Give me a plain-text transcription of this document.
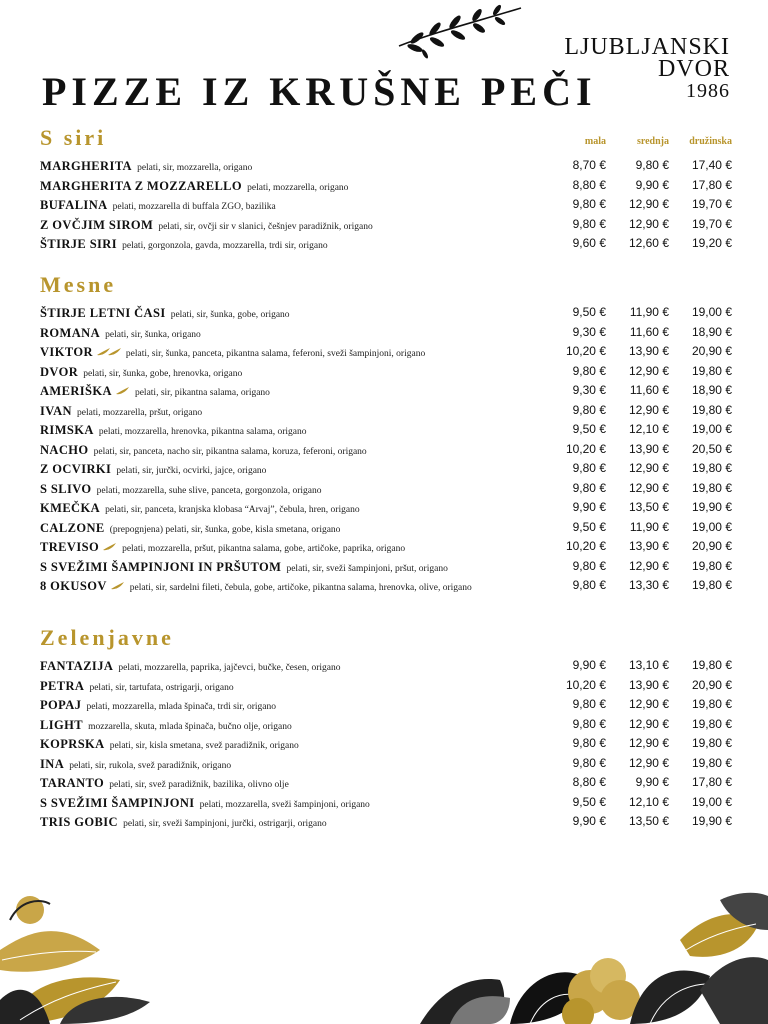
LJUBLJANSKI
DVOR
1986
PIZZE IZ KRUŠNE PEČI
S siri	mala	srednja družinska
MARGHERITA pelati, sir, mozzarella, origano	8,70 € 9,80 € 17,40 €
MARGHERITA Z MOZZARELLO pelati, mozzarella, origano	8,80 € 9,90 € 17,80 €
BUFALINA pelati, mozzarella di buffala ZGO, bazilika	9,80 € 12,90 € 19,70 €
Z OVČJIM SIROM pelati, sir, ovčji sir v slanici, češnjev paradižnik, origano	9,80 € 12,90 € 19,70 €
ŠTIRJE SIRI pelati, gorgonzola, gavda, mozzarella, trdi sir, origano	9,60 € 12,60 € 19,20 €
Mesne
ŠTIRJE LETNI ČASI pelati, sir, šunka, gobe, origano	9,50 € 11,90 € 19,00 €
ROMANA pelati, sir, šunka, origano	9,30 € 11,60 € 18,90 €
VIKTOR	pelati, sir, šunka, panceta, pikantna salama, feferoni, sveži šampinjoni, origano	10,20 € 13,90 € 20,90 €
DVOR pelati, sir, šunka, gobe, hrenovka, origano	9,80 € 12,90 € 19,80 €
AMERIŠKA pelati, sir, pikantna salama, origano	9,30 € 11,60 € 18,90 €
IVAN pelati, mozzarella, pršut, origano	9,80 € 12,90 € 19,80 €
RIMSKA pelati, mozzarella, hrenovka, pikantna salama, origano	9,50 € 12,10 € 19,00 €
NACHO pelati, sir, panceta, nacho sir, pikantna salama, koruza, feferoni, origano	10,20 € 13,90 € 20,50 €
Z OCVIRKI pelati, sir, jurčki, ocvirki, jajce, origano	9,80 € 12,90 € 19,80 €
S SLIVO pelati, mozzarella, suhe slive, panceta, gorgonzola, origano	9,80 € 12,90 € 19,80 €
KMEČKA pelati, sir, panceta, kranjska klobasa “Arvaj”, čebula, hren, origano	9,90 € 13,50 € 19,90 €
CALZONE (prepognjena) pelati, sir, šunka, gobe, kisla smetana, origano	9,50 € 11,90 € 19,00 €
TREVISO pelati, mozzarella, pršut, pikantna salama, gobe, artičoke, paprika, origano	10,20 € 13,90 € 20,90 €
S SVEŽIMI ŠAMPINJONI IN PRŠUTOM pelati, sir, sveži šampinjoni, pršut, origano	9,80 € 12,90 € 19,80 €
8 OKUSOV pelati, sir, sardelni fileti, čebula, gobe, artičoke, pikantna salama, hrenovka, olive, origano	9,80 € 13,30 € 19,80 €
Zelenjavne
FANTAZIJA pelati, mozzarella, paprika, jajčevci, bučke, česen, origano	9,90 € 13,10 € 19,80 €
PETRA pelati, sir, tartufata, ostrigarji, origano	10,20 € 13,90 € 20,90 €
POPAJ pelati, mozzarella, mlada špinača, trdi sir, origano	9,80 € 12,90 € 19,80 €
LIGHT mozzarella, skuta, mlada špinača, bučno olje, origano	9,80 € 12,90 € 19,80 €
KOPRSKA pelati, sir, kisla smetana, svež paradižnik, origano	9,80 € 12,90 € 19,80 €
INA pelati, sir, rukola, svež paradižnik, origano	9,80 € 12,90 € 19,80 €
TARANTO pelati, sir, svež paradižnik, bazilika, olivno olje	8,80 € 9,90 € 17,80 €
S SVEŽIMI ŠAMPINJONI pelati, mozzarella, sveži šampinjoni, origano	9,50 € 12,10 € 19,00 €
TRIS GOBIC pelati, sir, sveži šampinjoni, jurčki, ostrigarji, origano	9,90 € 13,50 € 19,90 €
